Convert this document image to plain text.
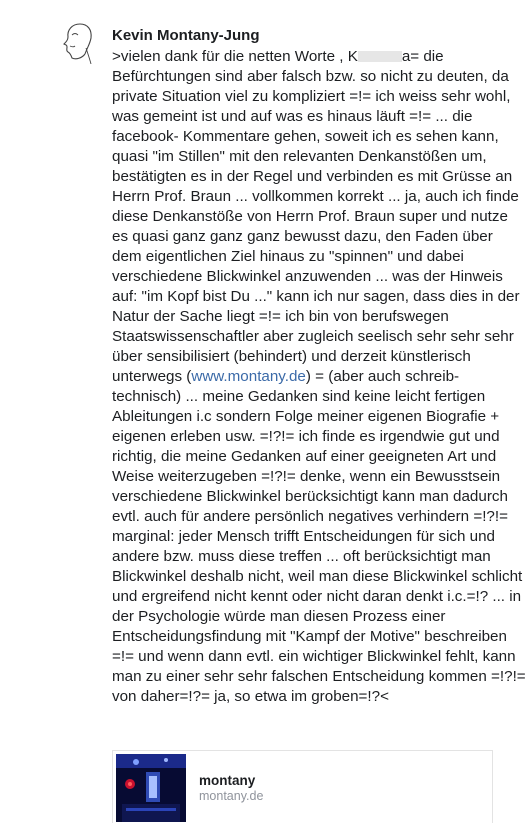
Kevin Montany-Jung
>vielen dank für die netten Worte , K	a= die Befürchtungen sind aber falsch bzw. so nicht zu deuten, da private Situation viel zu kompliziert =!= ich weiss sehr wohl, was gemeint ist und auf was es hinaus läuft =!= ... die facebook- Kommentare gehen, soweit ich es sehen kann, quasi "im Stillen" mit den relevanten Denkanstößen um, bestätigten es in der Regel und verbinden es mit Grüsse an Herrn Prof. Braun ... vollkommen korrekt ... ja, auch ich finde diese Denkanstöße von Herrn Prof. Braun super und nutze es quasi ganz ganz ganz bewusst dazu, den Faden über dem eigentlichen Ziel hinaus zu "spinnen" und dabei verschiedene Blickwinkel anzuwenden ... was der Hinweis auf: "im Kopf bist Du ..." kann ich nur sagen, dass dies in der Natur der Sache liegt =!= ich bin von berufswegen Staatswissenschaftler aber zugleich seelisch sehr sehr sehr über sensibilisiert (behindert) und derzeit künstlerisch unterwegs (www.montany.de) = (aber auch schreib- technisch) ... meine Gedanken sind keine leicht fertigen Ableitungen i.c sondern Folge meiner eigenen Biografie + eigenen erleben usw. =!?!= ich finde es irgendwie gut und richtig, die meine Gedanken auf einer geeigneten Art und Weise weiterzugeben =!?!= denke, wenn ein Bewusstsein verschiedene Blickwinkel berücksichtigt kann man dadurch evtl. auch für andere persönlich negatives verhindern =!?!= marginal: jeder Mensch trifft Entscheidungen für sich und andere bzw. muss diese treffen ... oft berücksichtigt man Blickwinkel deshalb nicht, weil man diese Blickwinkel schlicht und ergreifend nicht kennt oder nicht daran denkt i.c.=!? ... in der Psychologie würde man diesen Prozess einer Entscheidungsfindung mit "Kampf der Motive" beschreiben =!= und wenn dann evtl. ein wichtiger Blickwinkel fehlt, kann man zu einer sehr sehr falschen Entscheidung kommen =!?!= von daher=!?= ja, so etwa im groben=!?<
montany
montany.de
